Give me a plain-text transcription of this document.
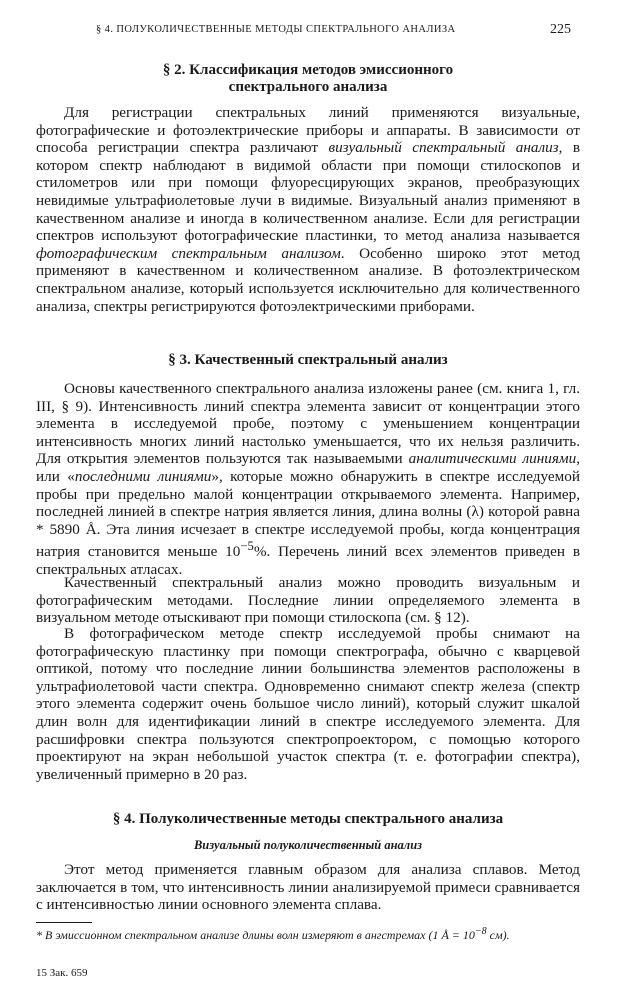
§ 4. ПОЛУКОЛИЧЕСТВЕННЫЕ МЕТОДЫ СПЕКТРАЛЬНОГО АНАЛИЗА	225
§ 2. Классификация методов эмиссионного
спектрального анализа

Для регистрации спектральных линий применяются визуальные, фотографические и фотоэлектрические приборы и аппараты. В зависимости от способа регистрации спектра различают визуальный спектральный анализ, в котором спектр наблюдают в видимой области при помощи стилоскопов и стилометров или при помощи флуоресцирующих экранов, преобразующих невидимые ультрафиолетовые лучи в видимые. Визуальный анализ применяют в качественном анализе и иногда в количественном анализе. Если для регистрации спектров используют фотографические пластинки, то метод анализа называется фотографическим спектральным анализом. Особенно широко этот метод применяют в качественном и количественном анализе. В фотоэлектрическом спектральном анализе, который используется исключительно для количественного анализа, спектры регистрируются фотоэлектрическими приборами.

§ 3. Качественный спектральный анализ

Основы качественного спектрального анализа изложены ранее (см. книга 1, гл. III, § 9). Интенсивность линий спектра элемента зависит от концентрации этого элемента в исследуемой пробе, поэтому с уменьшением концентрации интенсивность многих линий настолько уменьшается, что их нельзя различить. Для открытия элементов пользуются так называемыми аналитическими линиями, или «последними линиями», которые можно обнаружить в спектре исследуемой пробы при предельно малой концентрации открываемого элемента. Например, последней линией в спектре натрия является линия, длина волны (λ) которой равна * 5890 Å. Эта линия исчезает в спектре исследуемой пробы, когда концентрация натрия становится меньше $10^{-5}\%$. Перечень линий всех элементов приведен в спектральных атласах.

Качественный спектральный анализ можно проводить визуальным и фотографическим методами. Последние линии определяемого элемента в визуальном методе отыскивают при помощи стилоскопа (см. § 12).

В фотографическом методе спектр исследуемой пробы снимают на фотографическую пластинку при помощи спектрографа, обычно с кварцевой оптикой, потому что последние линии большинства элементов расположены в ультрафиолетовой части спектра. Одновременно снимают спектр железа (спектр этого элемента содержит очень большое число линий), который служит шкалой длин волн для идентификации линий в спектре исследуемого элемента. Для расшифровки спектра пользуются спектропроектором, с помощью которого проектируют на экран небольшой участок спектра (т. е. фотографии спектра), увеличенный примерно в 20 раз.

§ 4. Полуколичественные методы спектрального анализа
Визуальный полуколичественный анализ

Этот метод применяется главным образом для анализа сплавов. Метод заключается в том, что интенсивность линии анализируемой примеси сравнивается с интенсивностью линии основного элемента сплава.

* В эмиссионном спектральном анализе длины волн измеряют в ангстремах (1 Å = $10^{-8}$ см).
15 Зак. 659
